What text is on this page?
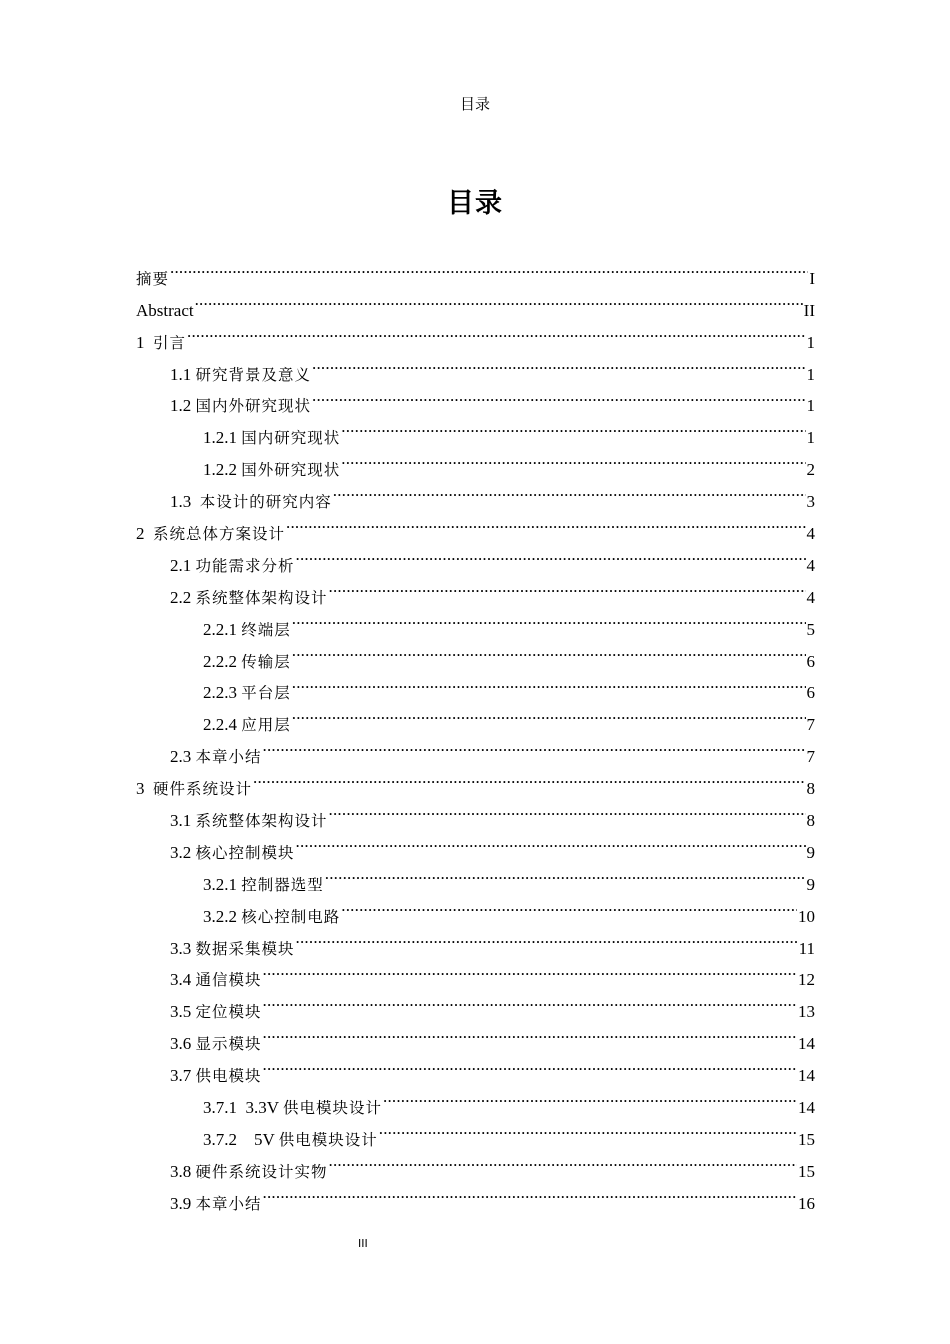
目录
目录
摘要 .....	I
Abstract .....	II
1  引言 .....	1
1.1 研究背景及意义 .....	1
1.2 国内外研究现状 .....	1
1.2.1 国内研究现状 .....	1
1.2.2 国外研究现状 .....	2
1.3  本设计的研究内容 .....	3
2  系统总体方案设计 .....	4
2.1 功能需求分析 .....	4
2.2 系统整体架构设计 .....	4
2.2.1 终端层 .....	5
2.2.2 传输层 .....	6
2.2.3 平台层 .....	6
2.2.4 应用层 .....	7
2.3 本章小结 .....	7
3  硬件系统设计 .....	8
3.1 系统整体架构设计 .....	8
3.2 核心控制模块 .....	9
3.2.1 控制器选型 .....	9
3.2.2 核心控制电路 .....	10
3.3 数据采集模块 .....	11
3.4 通信模块 .....	12
3.5 定位模块 .....	13
3.6 显示模块 .....	14
3.7 供电模块 .....	14
3.7.1  3.3V 供电模块设计 .....	14
3.7.2    5V 供电模块设计 .....	15
3.8 硬件系统设计实物 .....	15
3.9 本章小结 .....	16
III
